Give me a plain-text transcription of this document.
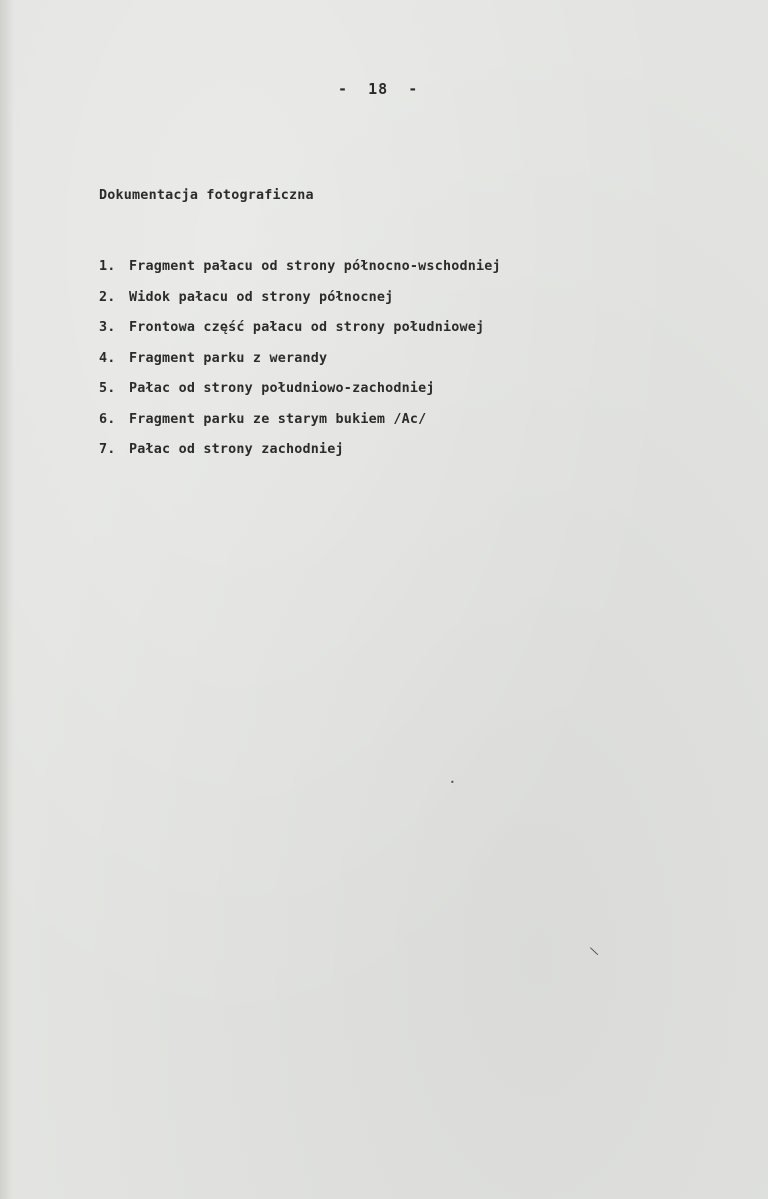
-  18  -
Dokumentacja fotograficzna
1. Fragment pałacu od strony północno-wschodniej
2. Widok pałacu od strony północnej
3. Frontowa część pałacu od strony południowej
4. Fragment parku z werandy
5. Pałac od strony południowo-zachodniej
6. Fragment parku ze starym bukiem /Ac/
7. Pałac od strony zachodniej
•
\
